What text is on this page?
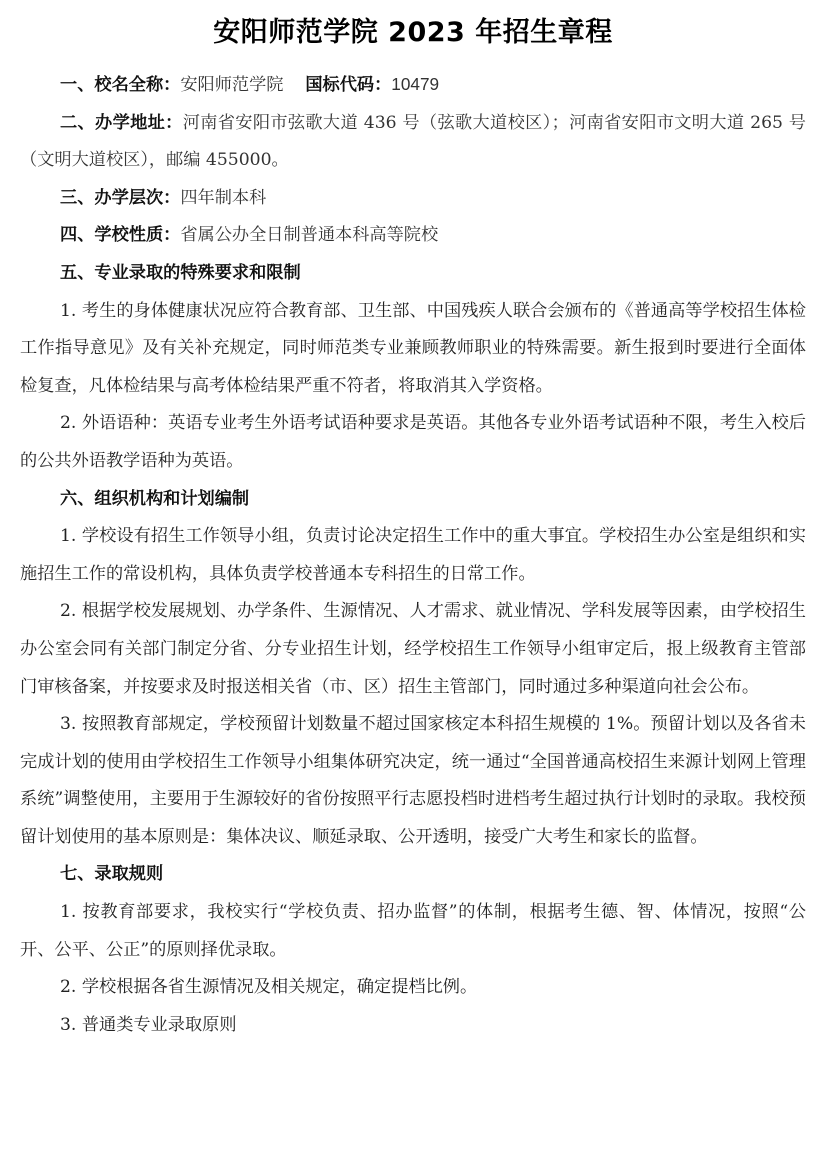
安阳师范学院 2023 年招生章程

一、校名全称：安阳师范学院 国标代码：10479

二、办学地址：河南省安阳市弦歌大道 436 号（弦歌大道校区）；河南省安阳市文明大道 265 号（文明大道校区），邮编 455000。

三、办学层次：四年制本科

四、学校性质：省属公办全日制普通本科高等院校

五、专业录取的特殊要求和限制

1. 考生的身体健康状况应符合教育部、卫生部、中国残疾人联合会颁布的《普通高等学校招生体检工作指导意见》及有关补充规定，同时师范类专业兼顾教师职业的特殊需要。新生报到时要进行全面体检复查，凡体检结果与高考体检结果严重不符者，将取消其入学资格。

2. 外语语种：英语专业考生外语考试语种要求是英语。其他各专业外语考试语种不限，考生入校后的公共外语教学语种为英语。

六、组织机构和计划编制

1. 学校设有招生工作领导小组，负责讨论决定招生工作中的重大事宜。学校招生办公室是组织和实施招生工作的常设机构，具体负责学校普通本专科招生的日常工作。

2. 根据学校发展规划、办学条件、生源情况、人才需求、就业情况、学科发展等因素，由学校招生办公室会同有关部门制定分省、分专业招生计划，经学校招生工作领导小组审定后，报上级教育主管部门审核备案，并按要求及时报送相关省（市、区）招生主管部门，同时通过多种渠道向社会公布。

3. 按照教育部规定，学校预留计划数量不超过国家核定本科招生规模的 1%。预留计划以及各省未完成计划的使用由学校招生工作领导小组集体研究决定，统一通过“全国普通高校招生来源计划网上管理系统”调整使用，主要用于生源较好的省份按照平行志愿投档时进档考生超过执行计划时的录取。我校预留计划使用的基本原则是：集体决议、顺延录取、公开透明，接受广大考生和家长的监督。

七、录取规则

1. 按教育部要求，我校实行“学校负责、招办监督”的体制，根据考生德、智、体情况，按照“公开、公平、公正”的原则择优录取。

2. 学校根据各省生源情况及相关规定，确定提档比例。

3. 普通类专业录取原则
